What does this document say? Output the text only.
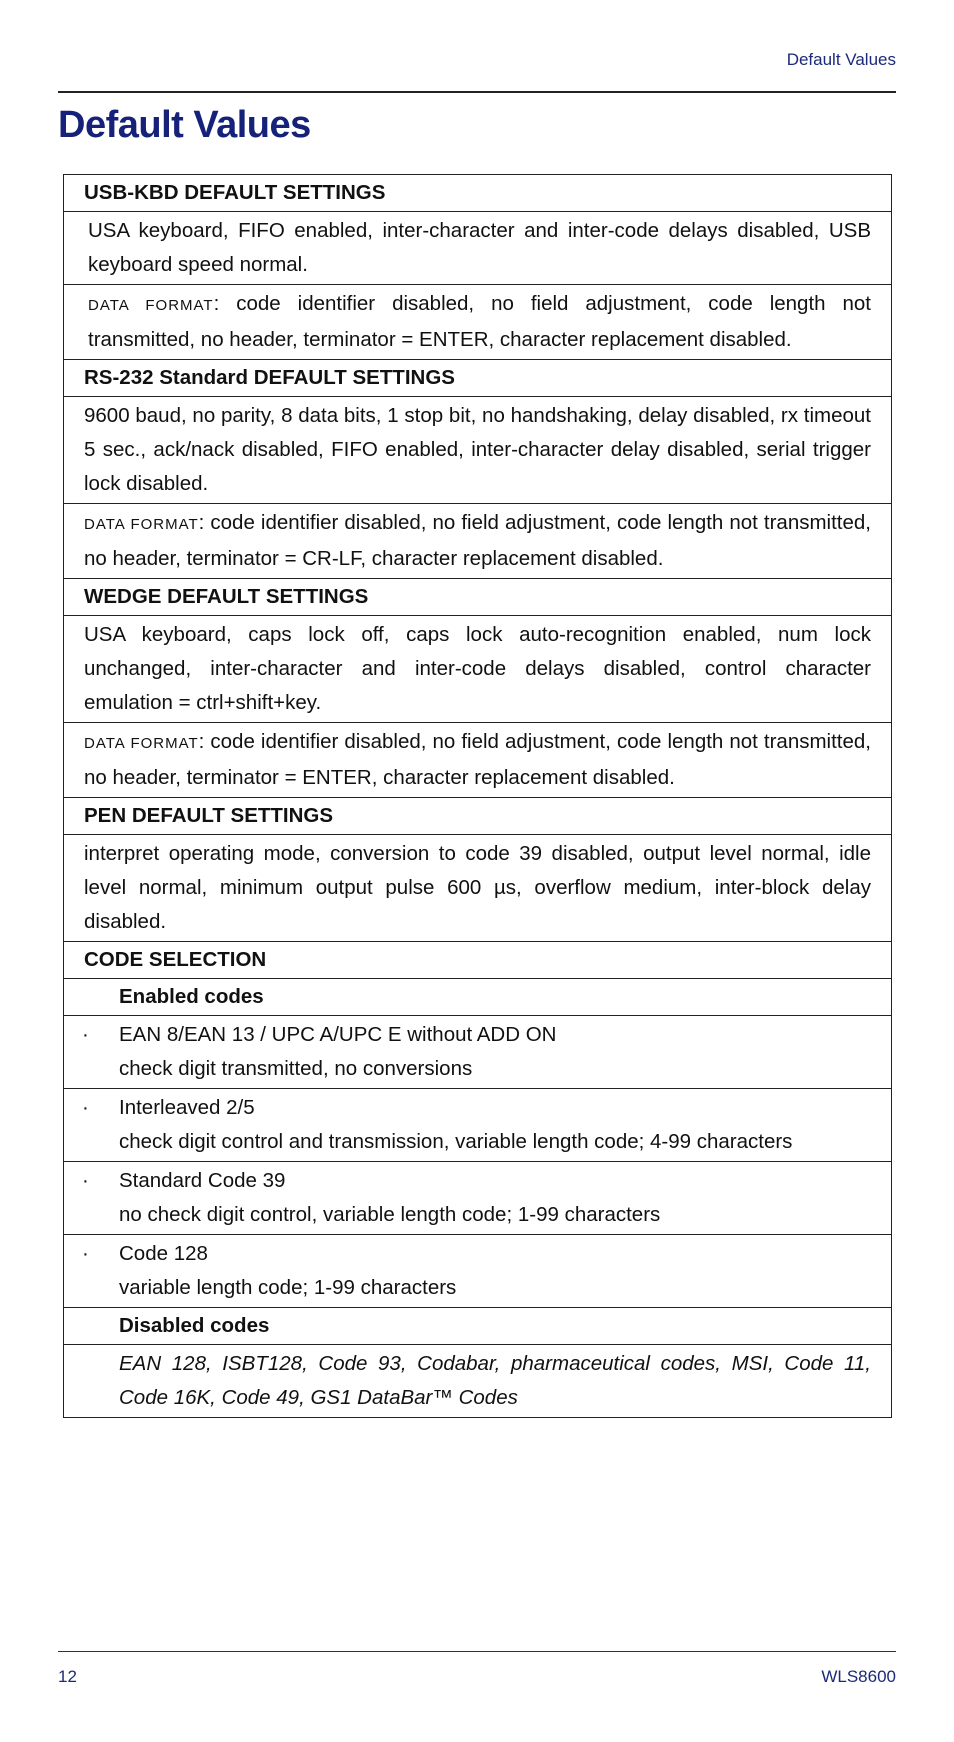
Default Values
Default Values
USB-KBD DEFAULT SETTINGS
USA keyboard, FIFO enabled, inter-character and inter-code delays disabled, USB keyboard speed normal.
DATA FORMAT: code identifier disabled, no field adjustment, code length not transmitted, no header, terminator = ENTER, character replacement disabled.
RS-232 Standard DEFAULT SETTINGS
9600 baud, no parity, 8 data bits, 1 stop bit, no handshaking, delay disabled, rx timeout 5 sec., ack/nack disabled, FIFO enabled, inter-character delay disabled, serial trigger lock disabled.
DATA FORMAT: code identifier disabled, no field adjustment, code length not transmitted, no header, terminator = CR-LF, character replacement disabled.
WEDGE DEFAULT SETTINGS
USA keyboard, caps lock off, caps lock auto-recognition enabled, num lock unchanged, inter-character and inter-code delays disabled, control character emulation = ctrl+shift+key.
DATA FORMAT: code identifier disabled, no field adjustment, code length not transmitted, no header, terminator = ENTER, character replacement disabled.
PEN DEFAULT SETTINGS
interpret operating mode, conversion to code 39 disabled, output level normal, idle level normal, minimum output pulse 600 µs, overflow medium, inter-block delay disabled.
CODE SELECTION
Enabled codes

· EAN 8/EAN 13 / UPC A/UPC E without ADD ON
check digit transmitted, no conversions

· Interleaved 2/5
check digit control and transmission, variable length code; 4-99 characters

· Standard Code 39
no check digit control, variable length code; 1-99 characters

· Code 128
variable length code; 1-99 characters

Disabled codes
EAN 128, ISBT128, Code 93, Codabar, pharmaceutical codes, MSI, Code 11, Code 16K, Code 49, GS1 DataBar™ Codes
12	WLS8600
